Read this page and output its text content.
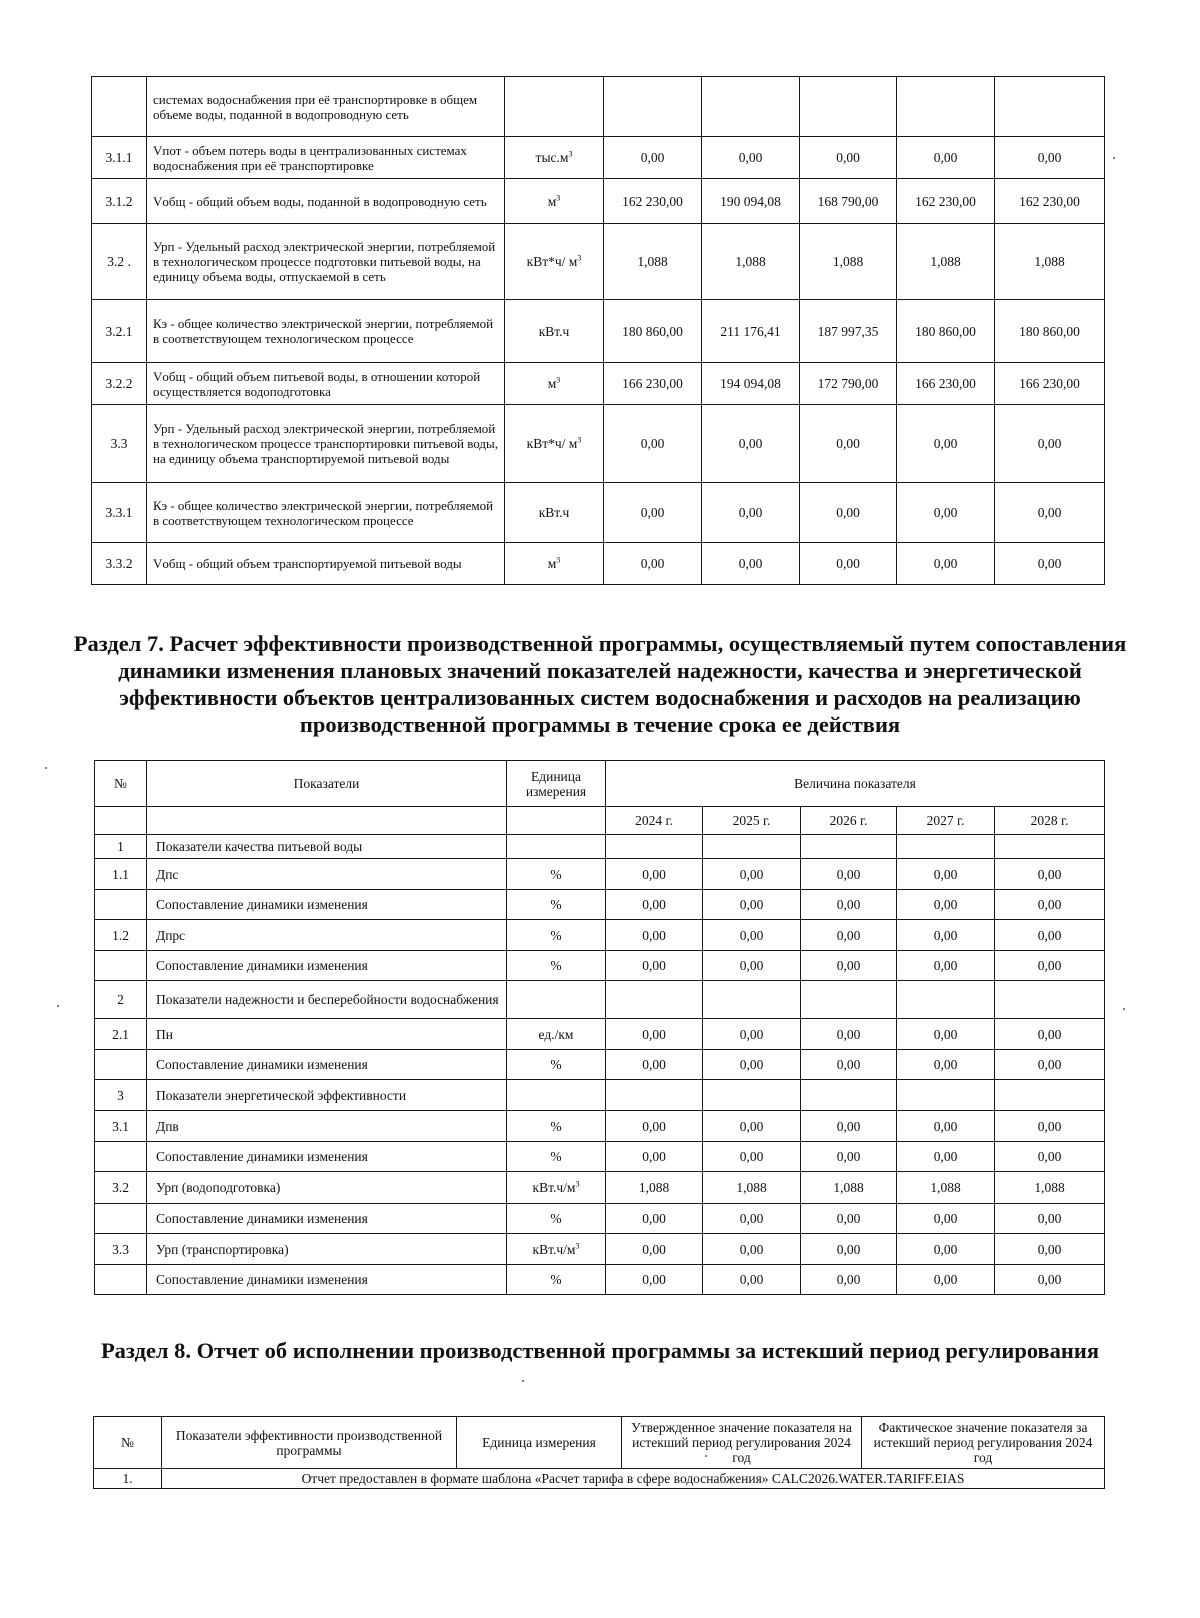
	системах водоснабжения при её транспортировке в общем объеме воды, поданной в водопроводную сеть						
3.1.1	Vпот - объем потерь воды в централизованных системах водоснабжения при её транспортировке	$тыс.м^3$	0,00	0,00	0,00	0,00	0,00
3.1.2	Vобщ - общий объем воды, поданной в водопроводную сеть	$м^3$	162 230,00	190 094,08	168 790,00	162 230,00	162 230,00
3.2 .	Урп - Удельный расход электрической энергии, потребляемой в технологическом процессе подготовки питьевой воды, на единицу объема воды, отпускаемой в сеть	кВт*ч/ $м^3$	1,088	1,088	1,088	1,088	1,088
3.2.1	Кэ - общее количество электрической энергии, потребляемой в соответствующем технологическом процессе	кВт.ч	180 860,00	211 176,41	187 997,35	180 860,00	180 860,00
3.2.2	Vобщ - общий объем питьевой воды, в отношении которой осуществляется водоподготовка	$м^3$	166 230,00	194 094,08	172 790,00	166 230,00	166 230,00
3.3	Урп - Удельный расход электрической энергии, потребляемой в технологическом процессе транспортировки питьевой воды, на единицу объема транспортируемой питьевой воды	кВт*ч/ $м^3$	0,00	0,00	0,00	0,00	0,00
3.3.1	Кэ - общее количество электрической энергии, потребляемой в соответствующем технологическом процессе	кВт.ч	0,00	0,00	0,00	0,00	0,00
3.3.2	Vобщ - общий объем транспортируемой питьевой воды	$м^3$	0,00	0,00	0,00	0,00	0,00
Раздел 7. Расчет эффективности производственной программы, осуществляемый путем сопоставления динамики изменения плановых значений показателей надежности, качества и энергетической эффективности объектов централизованных систем водоснабжения и расходов на реализацию производственной программы в течение срока ее действия
№	Показатели	Единица измерения	Величина показателя				
			2024 г.	2025 г.	2026 г.	2027 г.	2028 г.
1	Показатели качества питьевой воды						
1.1	Дпс	%	0,00	0,00	0,00	0,00	0,00
	Сопоставление динамики изменения	%	0,00	0,00	0,00	0,00	0,00
1.2	Дпрс	%	0,00	0,00	0,00	0,00	0,00
	Сопоставление динамики изменения	%	0,00	0,00	0,00	0,00	0,00
2	Показатели надежности и бесперебойности водоснабжения						
2.1	Пн	ед./км	0,00	0,00	0,00	0,00	0,00
	Сопоставление динамики изменения	%	0,00	0,00	0,00	0,00	0,00
3	Показатели энергетической эффективности						
3.1	Дпв	%	0,00	0,00	0,00	0,00	0,00
	Сопоставление динамики изменения	%	0,00	0,00	0,00	0,00	0,00
3.2	Урп (водоподготовка)	$кВт.ч/м^3$	1,088	1,088	1,088	1,088	1,088
	Сопоставление динамики изменения	%	0,00	0,00	0,00	0,00	0,00
3.3	Урп (транспортировка)	$кВт.ч/м^3$	0,00	0,00	0,00	0,00	0,00
	Сопоставление динамики изменения	%	0,00	0,00	0,00	0,00	0,00
Раздел 8. Отчет об исполнении производственной программы за истекший период регулирования
№	Показатели эффективности производственной программы	Единица измерения	Утвержденное значение показателя на истекший период регулирования 2024 год	Фактическое значение показателя за истекший период регулирования 2024 год
1.	Отчет предоставлен в формате шаблона «Расчет тарифа в сфере водоснабжения» CALC2026.WATER.TARIFF.EIAS			
